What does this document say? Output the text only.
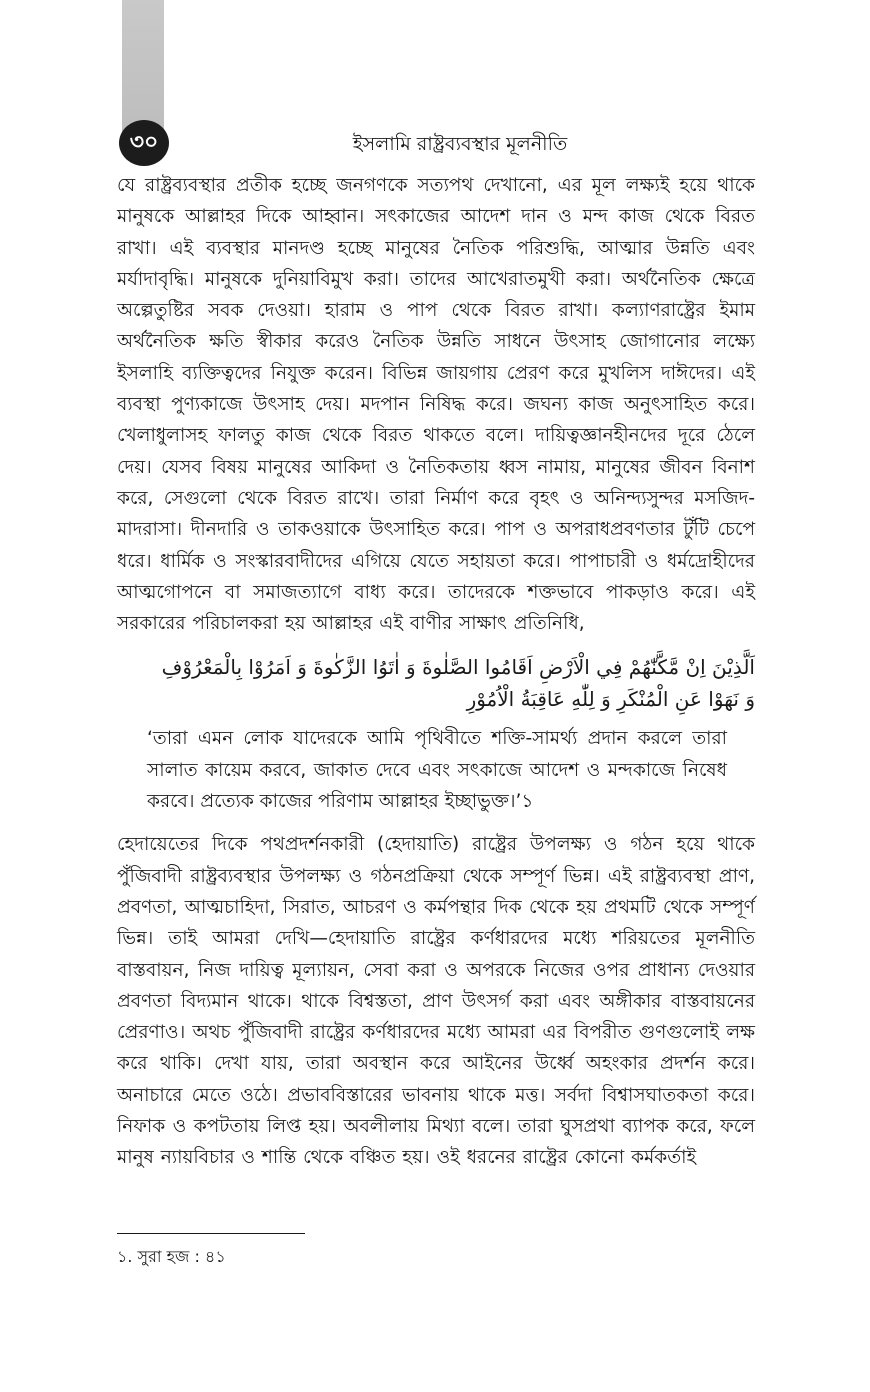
৩০	ইসলামি রাষ্ট্রব্যবস্থার মূলনীতি

যে রাষ্ট্রব্যবস্থার প্রতীক হচ্ছে জনগণকে সত্যপথ দেখানো, এর মূল লক্ষ্যই হয়ে থাকে মানুষকে আল্লাহর দিকে আহ্বান। সৎকাজের আদেশ দান ও মন্দ কাজ থেকে বিরত রাখা। এই ব্যবস্থার মানদণ্ড হচ্ছে মানুষের নৈতিক পরিশুদ্ধি, আত্মার উন্নতি এবং মর্যাদাবৃদ্ধি। মানুষকে দুনিয়াবিমুখ করা। তাদের আখেরাতমুখী করা। অর্থনৈতিক ক্ষেত্রে অল্পেতুষ্টির সবক দেওয়া। হারাম ও পাপ থেকে বিরত রাখা। কল্যাণরাষ্ট্রের ইমাম অর্থনৈতিক ক্ষতি স্বীকার করেও নৈতিক উন্নতি সাধনে উৎসাহ জোগানোর লক্ষ্যে ইসলাহি ব্যক্তিত্বদের নিযুক্ত করেন। বিভিন্ন জায়গায় প্রেরণ করে মুখলিস দাঈদের। এই ব্যবস্থা পুণ্যকাজে উৎসাহ দেয়। মদপান নিষিদ্ধ করে। জঘন্য কাজ অনুৎসাহিত করে। খেলাধুলাসহ ফালতু কাজ থেকে বিরত থাকতে বলে। দায়িত্বজ্ঞানহীনদের দূরে ঠেলে দেয়। যেসব বিষয় মানুষের আকিদা ও নৈতিকতায় ধ্বস নামায়, মানুষের জীবন বিনাশ করে, সেগুলো থেকে বিরত রাখে। তারা নির্মাণ করে বৃহৎ ও অনিন্দ্যসুন্দর মসজিদ-মাদরাসা। দীনদারি ও তাকওয়াকে উৎসাহিত করে। পাপ ও অপরাধপ্রবণতার টুঁটি চেপে ধরে। ধার্মিক ও সংস্কারবাদীদের এগিয়ে যেতে সহায়তা করে। পাপাচারী ও ধর্মদ্রোহীদের আত্মগোপনে বা সমাজত্যাগে বাধ্য করে। তাদেরকে শক্তভাবে পাকড়াও করে। এই সরকারের পরিচালকরা হয় আল্লাহর এই বাণীর সাক্ষাৎ প্রতিনিধি,

اَلَّذِيْنَ اِنْ مَّكَّنّٰهُمْ فِي الْاَرْضِ اَقَامُوا الصَّلٰوةَ وَ اٰتَوُا الزَّكٰوةَ وَ اَمَرُوْا بِالْمَعْرُوْفِ وَ نَهَوْا عَنِ الْمُنْكَرِ وَ لِلّٰهِ عَاقِبَةُ الْاُمُوْرِ

‘তারা এমন লোক যাদেরকে আমি পৃথিবীতে শক্তি-সামর্থ্য প্রদান করলে তারা সালাত কায়েম করবে, জাকাত দেবে এবং সৎকাজে আদেশ ও মন্দকাজে নিষেধ করবে। প্রত্যেক কাজের পরিণাম আল্লাহর ইচ্ছাভুক্ত।’১

হেদায়েতের দিকে পথপ্রদর্শনকারী (হেদায়াতি) রাষ্ট্রের উপলক্ষ্য ও গঠন হয়ে থাকে পুঁজিবাদী রাষ্ট্রব্যবস্থার উপলক্ষ্য ও গঠনপ্রক্রিয়া থেকে সম্পূর্ণ ভিন্ন। এই রাষ্ট্রব্যবস্থা প্রাণ, প্রবণতা, আত্মচাহিদা, সিরাত, আচরণ ও কর্মপন্থার দিক থেকে হয় প্রথমটি থেকে সম্পূর্ণ ভিন্ন। তাই আমরা দেখি—হেদায়াতি রাষ্ট্রের কর্ণধারদের মধ্যে শরিয়তের মূলনীতি বাস্তবায়ন, নিজ দায়িত্ব মূল্যায়ন, সেবা করা ও অপরকে নিজের ওপর প্রাধান্য দেওয়ার প্রবণতা বিদ্যমান থাকে। থাকে বিশ্বস্ততা, প্রাণ উৎসর্গ করা এবং অঙ্গীকার বাস্তবায়নের প্রেরণাও। অথচ পুঁজিবাদী রাষ্ট্রের কর্ণধারদের মধ্যে আমরা এর বিপরীত গুণগুলোই লক্ষ করে থাকি। দেখা যায়, তারা অবস্থান করে আইনের উর্ধ্বে অহংকার প্রদর্শন করে। অনাচারে মেতে ওঠে। প্রভাববিস্তারের ভাবনায় থাকে মত্ত। সর্বদা বিশ্বাসঘাতকতা করে। নিফাক ও কপটতায় লিপ্ত হয়। অবলীলায় মিথ্যা বলে। তারা ঘুসপ্রথা ব্যাপক করে, ফলে মানুষ ন্যায়বিচার ও শান্তি থেকে বঞ্চিত হয়। ওই ধরনের রাষ্ট্রের কোনো কর্মকর্তাই

১. সুরা হজ : ৪১
